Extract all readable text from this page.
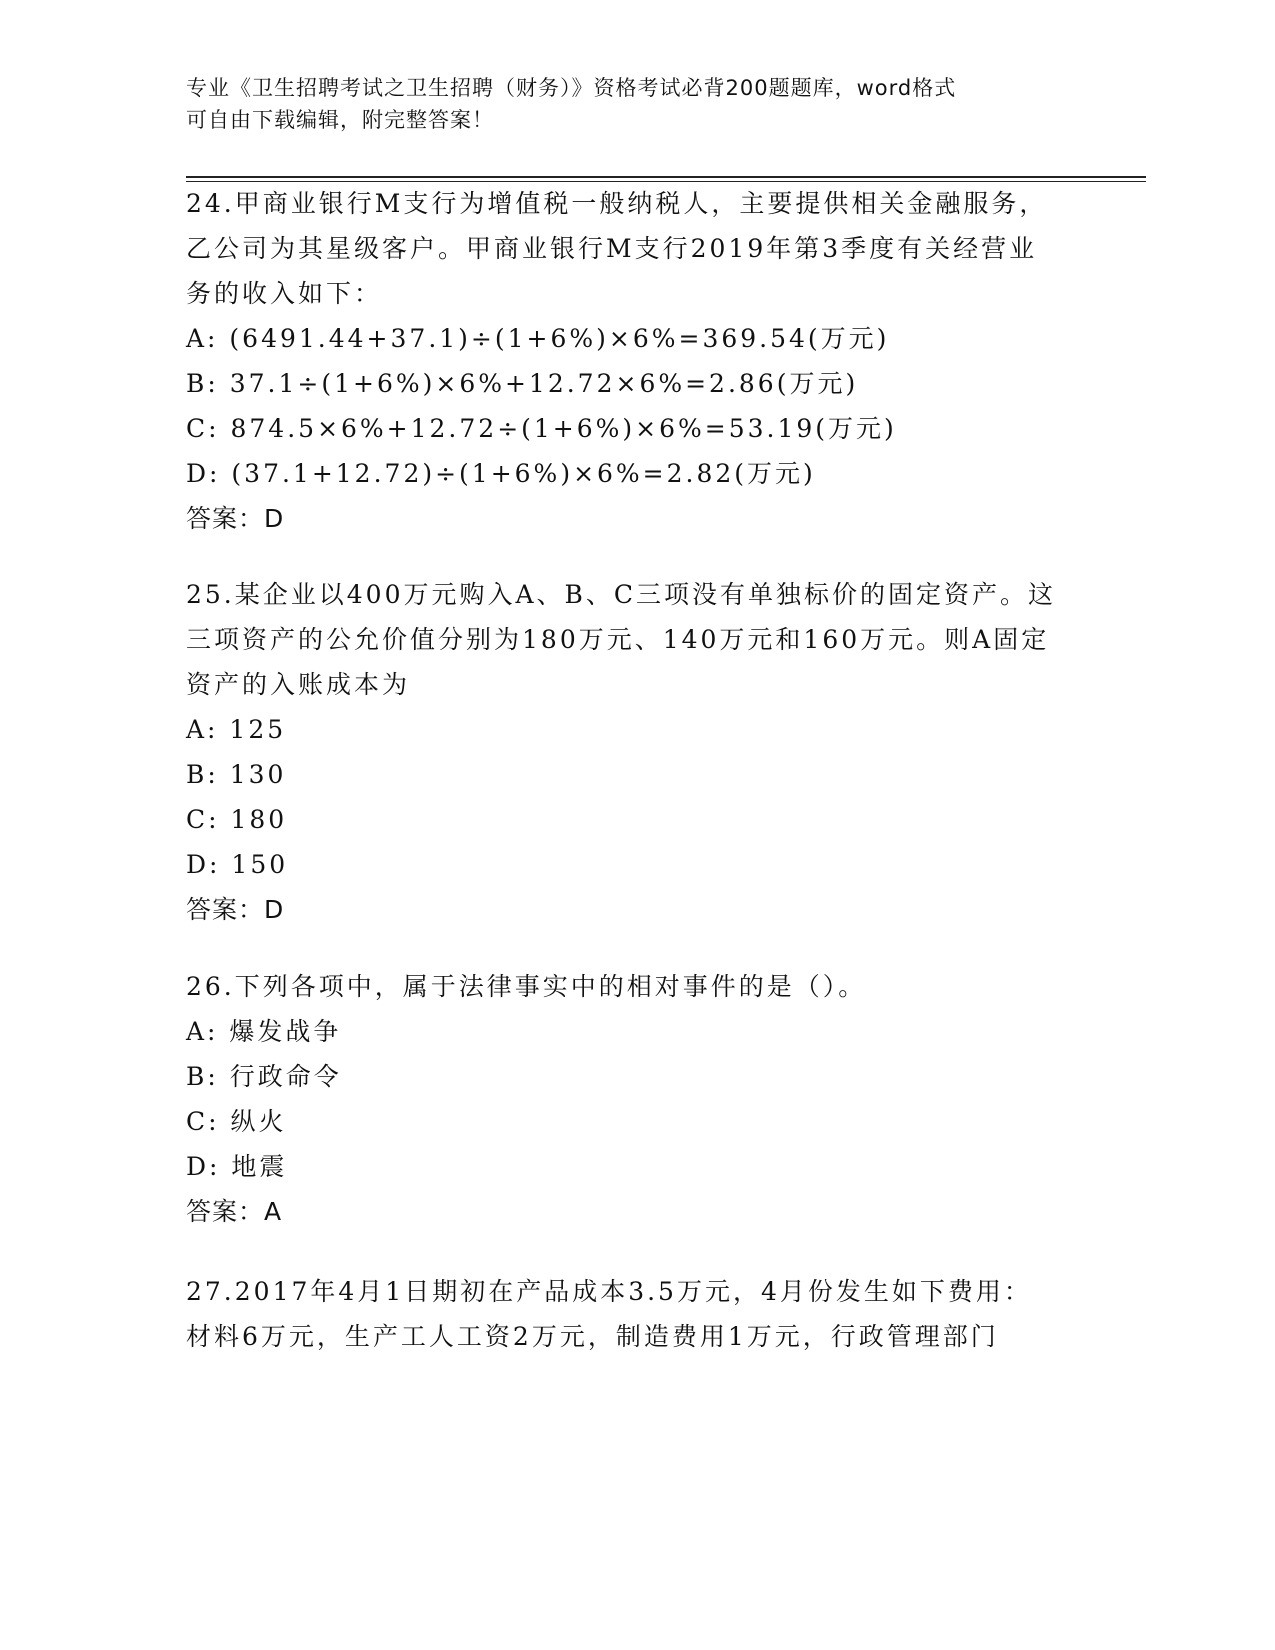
专业《卫生招聘考试之卫生招聘（财务）》资格考试必背200题题库，word格式
可自由下载编辑，附完整答案！
24.甲商业银行M支行为增值税一般纳税人，主要提供相关金融服务，
乙公司为其星级客户。甲商业银行M支行2019年第3季度有关经营业
务的收入如下：
A: (6491.44+37.1)÷(1+6%)×6%=369.54(万元)
B: 37.1÷(1+6%)×6%+12.72×6%=2.86(万元)
C: 874.5×6%+12.72÷(1+6%)×6%=53.19(万元)
D: (37.1+12.72)÷(1+6%)×6%=2.82(万元)
答案：D
25.某企业以400万元购入A、B、C三项没有单独标价的固定资产。这
三项资产的公允价值分别为180万元、140万元和160万元。则A固定
资产的入账成本为
A: 125
B: 130
C: 180
D: 150
答案：D
26.下列各项中，属于法律事实中的相对事件的是（）。
A: 爆发战争
B: 行政命令
C: 纵火
D: 地震
答案：A
27.2017年4月1日期初在产品成本3.5万元，4月份发生如下费用：
材料6万元，生产工人工资2万元，制造费用1万元，行政管理部门
